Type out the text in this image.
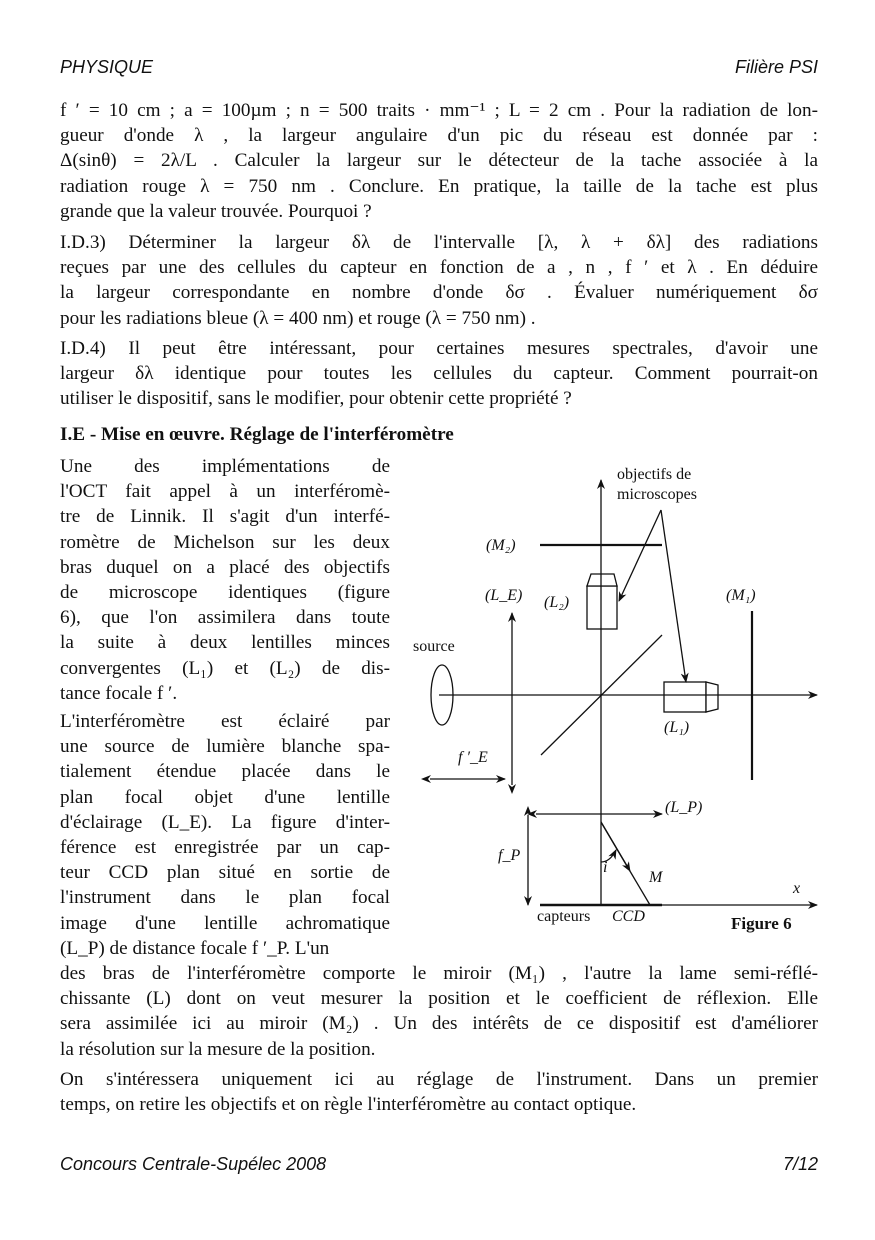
PHYSIQUE	Filière PSI
f ′ = 10 cm ; a = 100µm ; n = 500 traits · mm⁻¹ ; L = 2 cm . Pour la radiation de lon-
gueur d'onde λ , la largeur angulaire d'un pic du réseau est donnée par :
Δ(sinθ) = 2λ/L . Calculer la largeur sur le détecteur de la tache associée à la
radiation rouge λ = 750 nm . Conclure. En pratique, la taille de la tache est plus
grande que la valeur trouvée. Pourquoi ?
I.D.3) Déterminer la largeur δλ de l'intervalle [λ, λ + δλ] des radiations
reçues par une des cellules du capteur en fonction de a , n , f ′ et λ . En déduire
la largeur correspondante en nombre d'onde δσ . Évaluer numériquement δσ
pour les radiations bleue (λ = 400 nm) et rouge (λ = 750 nm) .
I.D.4) Il peut être intéressant, pour certaines mesures spectrales, d'avoir une
largeur δλ identique pour toutes les cellules du capteur. Comment pourrait-on
utiliser le dispositif, sans le modifier, pour obtenir cette propriété ?
I.E - Mise en œuvre. Réglage de l'interféromètre
Une des implémentations de
l'OCT fait appel à un interféromè-
tre de Linnik. Il s'agit d'un interfé-
romètre de Michelson sur les deux
bras duquel on a placé des objectifs
de microscope identiques (figure
6), que l'on assimilera dans toute
la suite à deux lentilles minces
convergentes (L₁) et (L₂) de dis-
tance focale f ′.
L'interféromètre est éclairé par
une source de lumière blanche spa-
tialement étendue placée dans le
plan focal objet d'une lentille
d'éclairage (L_E). La figure d'inter-
férence est enregistrée par un cap-
teur CCD plan situé en sortie de
l'instrument dans le plan focal
image d'une lentille achromatique
(L_P) de distance focale f ′_P. L'un
des bras de l'interféromètre comporte le miroir (M₁) , l'autre la lame semi-réflé-
chissante (L) dont on veut mesurer la position et le coefficient de réflexion. Elle
sera assimilée ici au miroir (M₂) . Un des intérêts de ce dispositif est d'améliorer
la résolution sur la mesure de la position.
On s'intéressera uniquement ici au réglage de l'instrument. Dans un premier
temps, on retire les objectifs et on règle l'interféromètre au contact optique.
objectifs de
microscopes
(M₂)
(L_E) (L₂)	(M₁)
source
(L₁)
f ′_E
(L_P)
f_P
i
M
x
capteurs CCD	Figure 6
Concours Centrale-Supélec 2008	7/12
